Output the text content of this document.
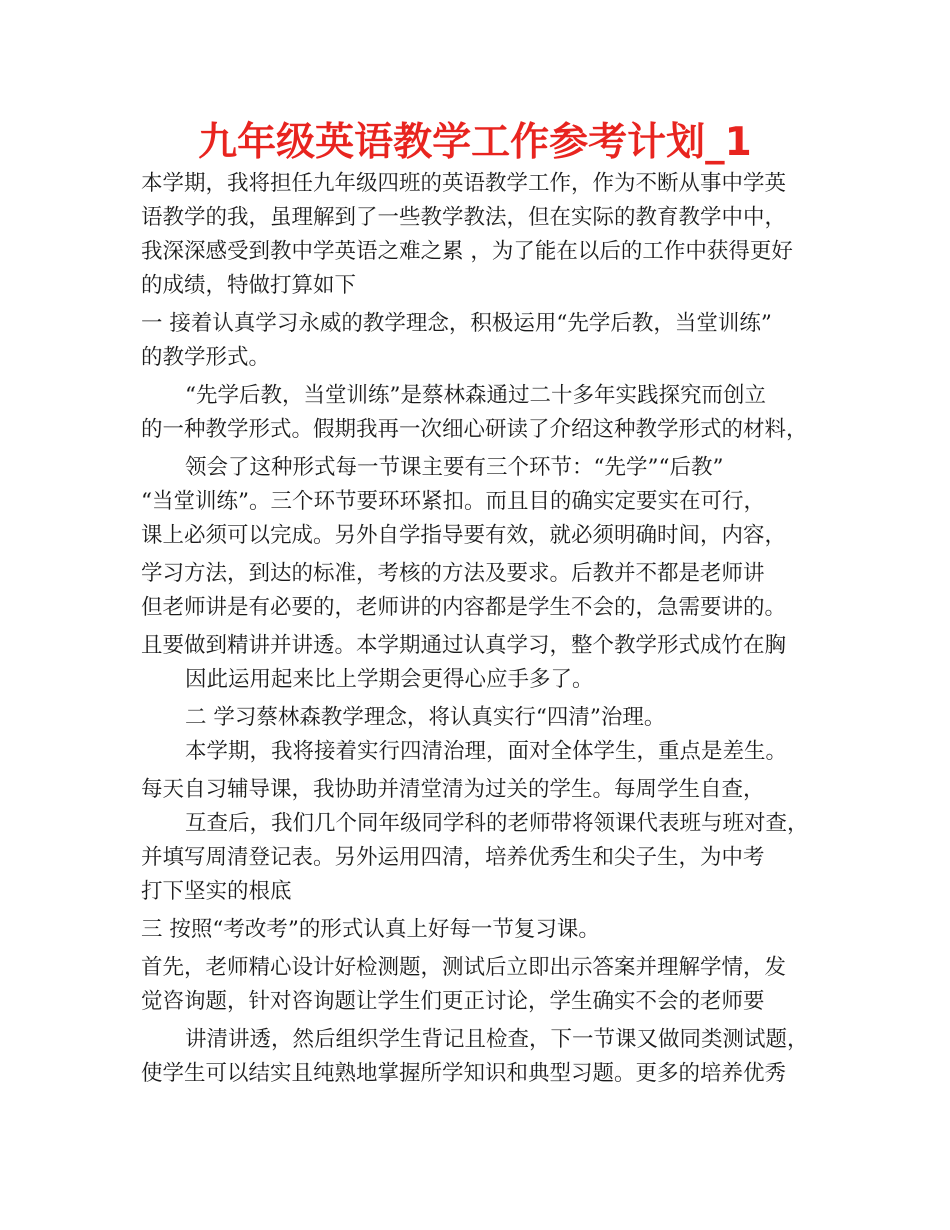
九年级英语教学工作参考计划_1
本学期，我将担任九年级四班的英语教学工作，作为不断从事中学英
语教学的我，虽理解到了一些教学教法，但在实际的教育教学中中，
我深深感受到教中学英语之难之累 ，为了能在以后的工作中获得更好
的成绩，特做打算如下
一 接着认真学习永威的教学理念，积极运用“先学后教，当堂训练”
的教学形式。
“先学后教，当堂训练”是蔡林森通过二十多年实践探究而创立
的一种教学形式。假期我再一次细心研读了介绍这种教学形式的材料，
领会了这种形式每一节课主要有三个环节：“先学”“后教”
“当堂训练”。三个环节要环环紧扣。而且目的确实定要实在可行，
课上必须可以完成。另外自学指导要有效，就必须明确时间，内容，
学习方法，到达的标准，考核的方法及要求。后教并不都是老师讲
但老师讲是有必要的，老师讲的内容都是学生不会的，急需要讲的。
且要做到精讲并讲透。本学期通过认真学习，整个教学形式成竹在胸
因此运用起来比上学期会更得心应手多了。
二 学习蔡林森教学理念，将认真实行“四清”治理。
本学期，我将接着实行四清治理，面对全体学生，重点是差生。
每天自习辅导课，我协助并清堂清为过关的学生。每周学生自查，
互查后，我们几个同年级同学科的老师带将领课代表班与班对查，
并填写周清登记表。另外运用四清，培养优秀生和尖子生，为中考
打下坚实的根底
三 按照“考改考”的形式认真上好每一节复习课。
首先，老师精心设计好检测题，测试后立即出示答案并理解学情，发
觉咨询题，针对咨询题让学生们更正讨论，学生确实不会的老师要
讲清讲透，然后组织学生背记且检查，下一节课又做同类测试题，
使学生可以结实且纯熟地掌握所学知识和典型习题。更多的培养优秀
